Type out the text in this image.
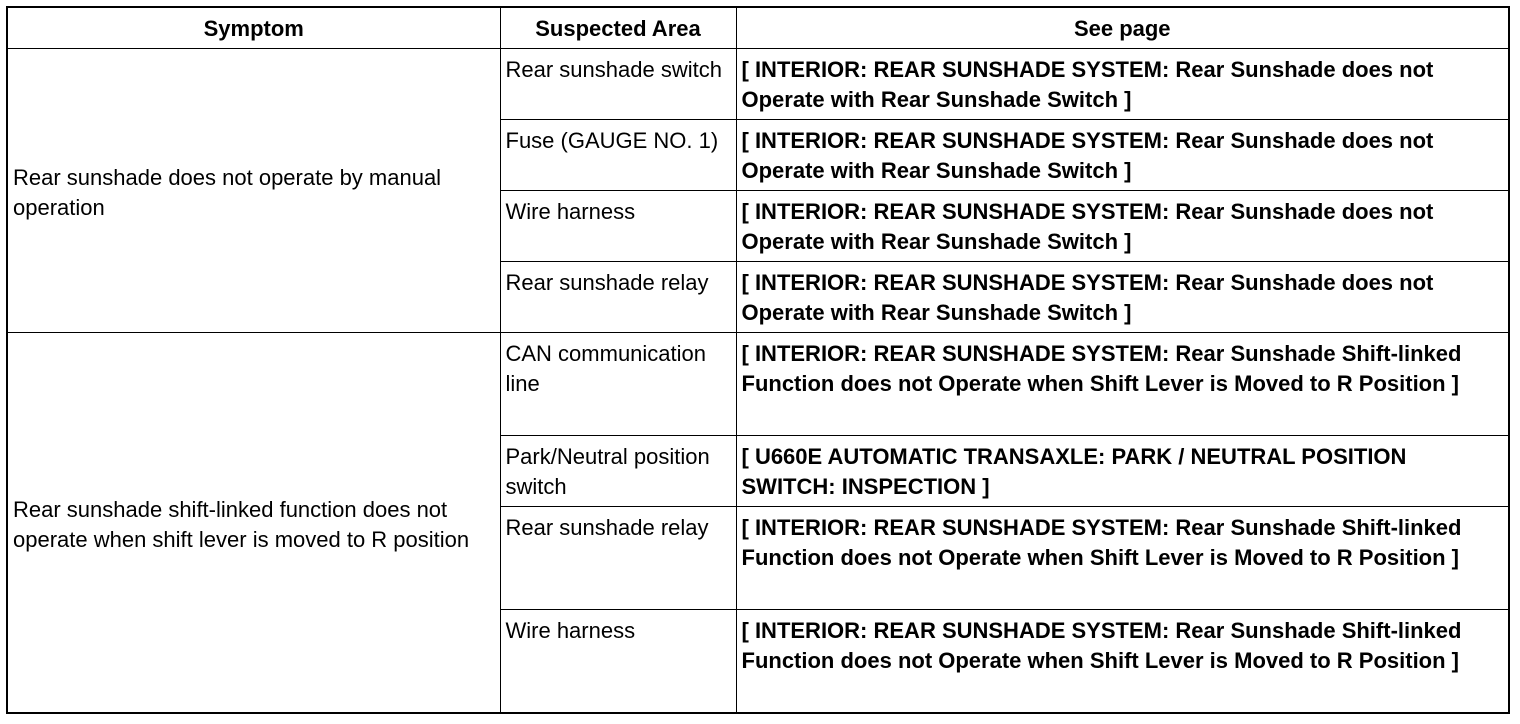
Symptom	Suspected Area	See page
Rear sunshade does not operate by manual operation	Rear sunshade switch	[ INTERIOR: REAR SUNSHADE SYSTEM: Rear Sunshade does not Operate with Rear Sunshade Switch ]
	Fuse (GAUGE NO. 1)	[ INTERIOR: REAR SUNSHADE SYSTEM: Rear Sunshade does not Operate with Rear Sunshade Switch ]
	Wire harness	[ INTERIOR: REAR SUNSHADE SYSTEM: Rear Sunshade does not Operate with Rear Sunshade Switch ]
	Rear sunshade relay	[ INTERIOR: REAR SUNSHADE SYSTEM: Rear Sunshade does not Operate with Rear Sunshade Switch ]
Rear sunshade shift-linked function does not operate when shift lever is moved to R position	CAN communication line	[ INTERIOR: REAR SUNSHADE SYSTEM: Rear Sunshade Shift-linked Function does not Operate when Shift Lever is Moved to R Position ]
	Park/Neutral position switch	[ U660E AUTOMATIC TRANSAXLE: PARK / NEUTRAL POSITION SWITCH: INSPECTION ]
	Rear sunshade relay	[ INTERIOR: REAR SUNSHADE SYSTEM: Rear Sunshade Shift-linked Function does not Operate when Shift Lever is Moved to R Position ]
	Wire harness	[ INTERIOR: REAR SUNSHADE SYSTEM: Rear Sunshade Shift-linked Function does not Operate when Shift Lever is Moved to R Position ]
